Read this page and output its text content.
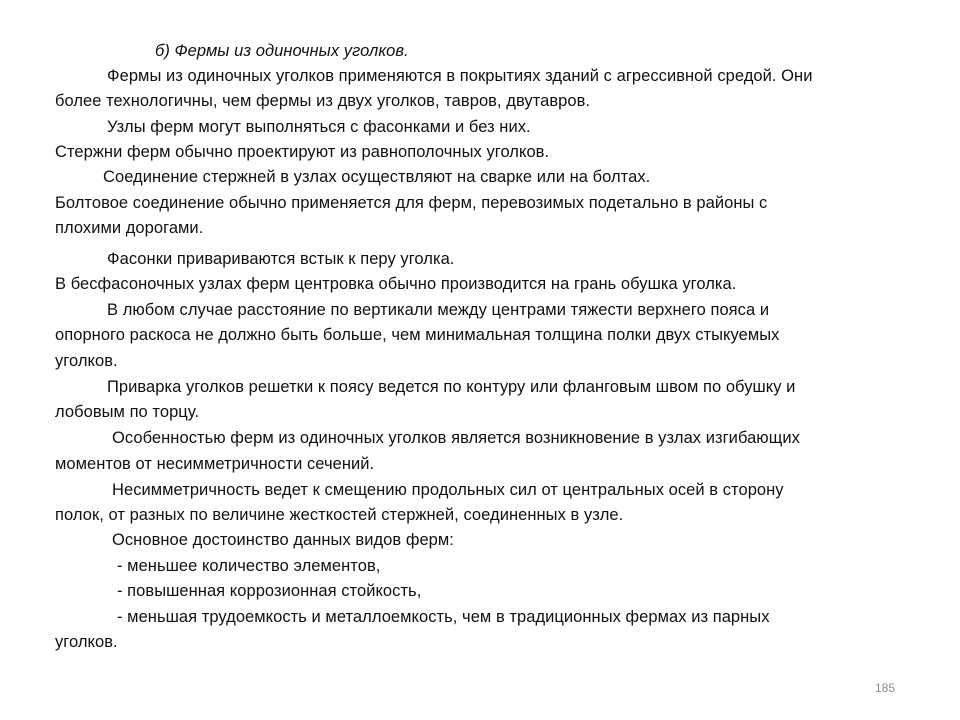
б) Фермы из одиночных уголков.
Фермы из одиночных уголков применяются в покрытиях зданий с агрессивной средой. Они
более технологичны, чем фермы из двух уголков, тавров, двутавров.
Узлы ферм могут выполняться с фасонками и без них.
Стержни ферм обычно проектируют из равнополочных уголков.
Соединение стержней в узлах осуществляют на сварке или на болтах.
Болтовое соединение обычно применяется для ферм, перевозимых подетально в районы с
плохими дорогами.
Фасонки привариваются встык к перу уголка.
В бесфасоночных узлах ферм центровка обычно производится на грань обушка уголка.
В любом случае расстояние по вертикали между центрами тяжести верхнего пояса и
опорного раскоса не должно быть больше, чем минимальная толщина полки двух стыкуемых
уголков.
Приварка уголков решетки к поясу ведется по контуру или фланговым швом по обушку и
лобовым по торцу.
Особенностью ферм из одиночных уголков является возникновение в узлах изгибающих
моментов от несимметричности сечений.
Несимметричность ведет к смещению продольных сил от центральных осей в сторону
полок, от разных по величине жесткостей стержней, соединенных в узле.
Основное достоинство данных видов ферм:
- меньшее количество элементов,
- повышенная коррозионная стойкость,
- меньшая трудоемкость и металлоемкость, чем в традиционных фермах из парных
уголков.
185
